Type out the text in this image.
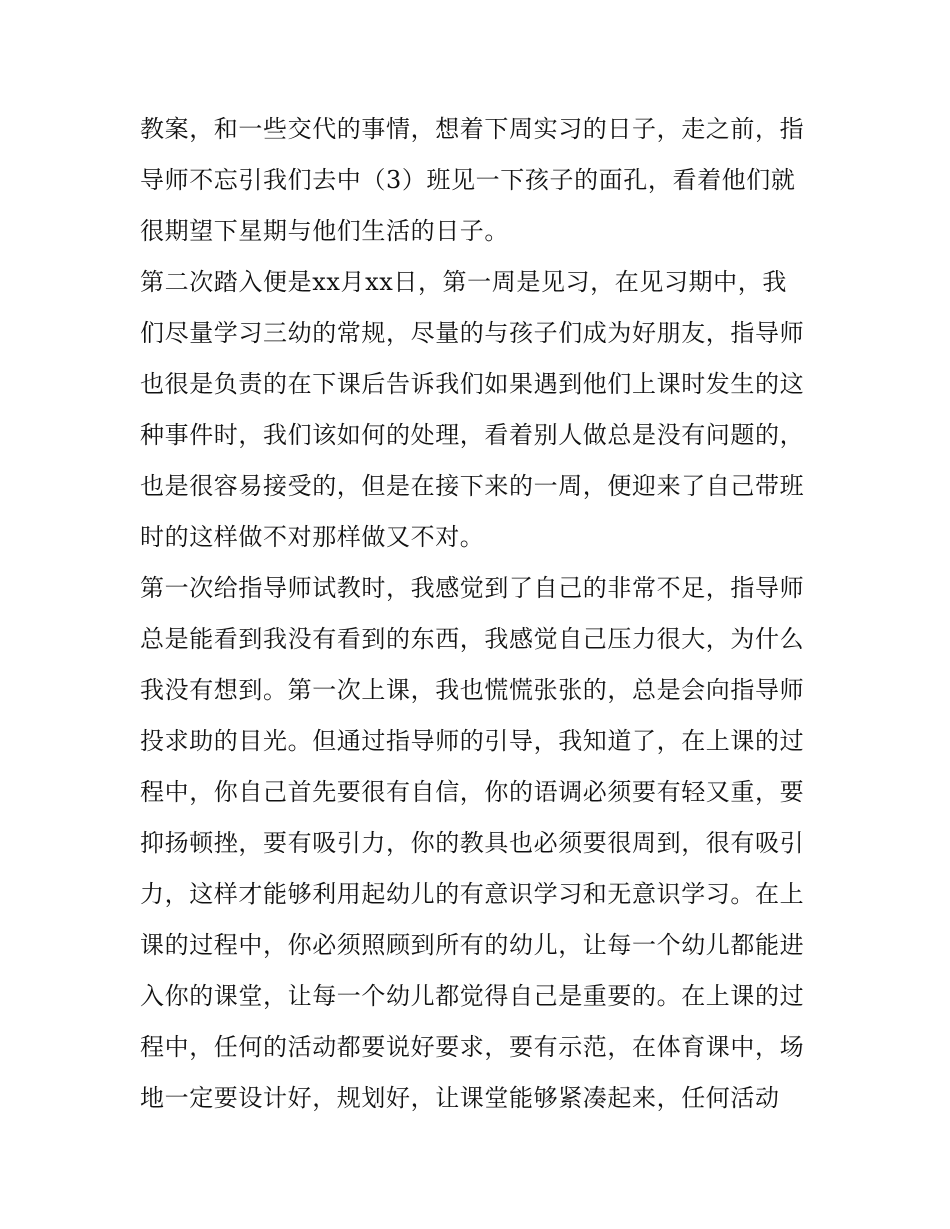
教案，和一些交代的事情，想着下周实习的日子，走之前，指
导师不忘引我们去中（3）班见一下孩子的面孔，看着他们就
很期望下星期与他们生活的日子。
第二次踏入便是xx月xx日，第一周是见习，在见习期中，我
们尽量学习三幼的常规，尽量的与孩子们成为好朋友，指导师
也很是负责的在下课后告诉我们如果遇到他们上课时发生的这
种事件时，我们该如何的处理，看着别人做总是没有问题的，
也是很容易接受的，但是在接下来的一周，便迎来了自己带班
时的这样做不对那样做又不对。
第一次给指导师试教时，我感觉到了自己的非常不足，指导师
总是能看到我没有看到的东西，我感觉自己压力很大，为什么
我没有想到。第一次上课，我也慌慌张张的，总是会向指导师
投求助的目光。但通过指导师的引导，我知道了，在上课的过
程中，你自己首先要很有自信，你的语调必须要有轻又重，要
抑扬顿挫，要有吸引力，你的教具也必须要很周到，很有吸引
力，这样才能够利用起幼儿的有意识学习和无意识学习。在上
课的过程中，你必须照顾到所有的幼儿，让每一个幼儿都能进
入你的课堂，让每一个幼儿都觉得自己是重要的。在上课的过
程中，任何的活动都要说好要求，要有示范，在体育课中，场
地一定要设计好，规划好，让课堂能够紧凑起来，任何活动
